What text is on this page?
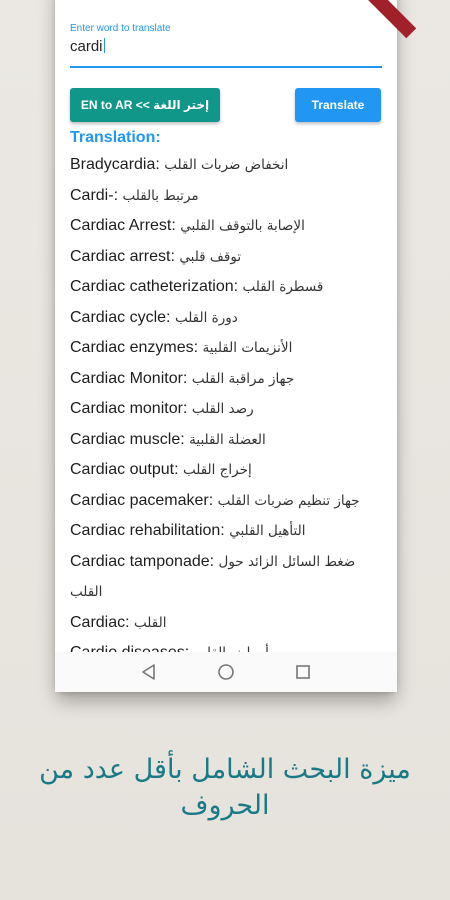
Enter word to translate
cardi
EN to AR << إختر اللغة	Translate
Translation:
Bradycardia: انخفاض ضربات القلب
Cardi-: مرتبط بالقلب
Cardiac Arrest: الإصابة بالتوقف القلبي
Cardiac arrest: توقف قلبي
Cardiac catheterization: قسطرة القلب
Cardiac cycle: دورة القلب
Cardiac enzymes: الأنزيمات القلبية
Cardiac Monitor: جهاز مراقبة القلب
Cardiac monitor: رصد القلب
Cardiac muscle: العضلة القلبية
Cardiac output: إخراج القلب
Cardiac pacemaker: جهاز تنظيم ضربات القلب
Cardiac rehabilitation: التأهيل القلبي
Cardiac tamponade: ضغط السائل الزائد حول القلب
Cardiac: القلب
ميزة البحث الشامل بأقل عدد من الحروف
